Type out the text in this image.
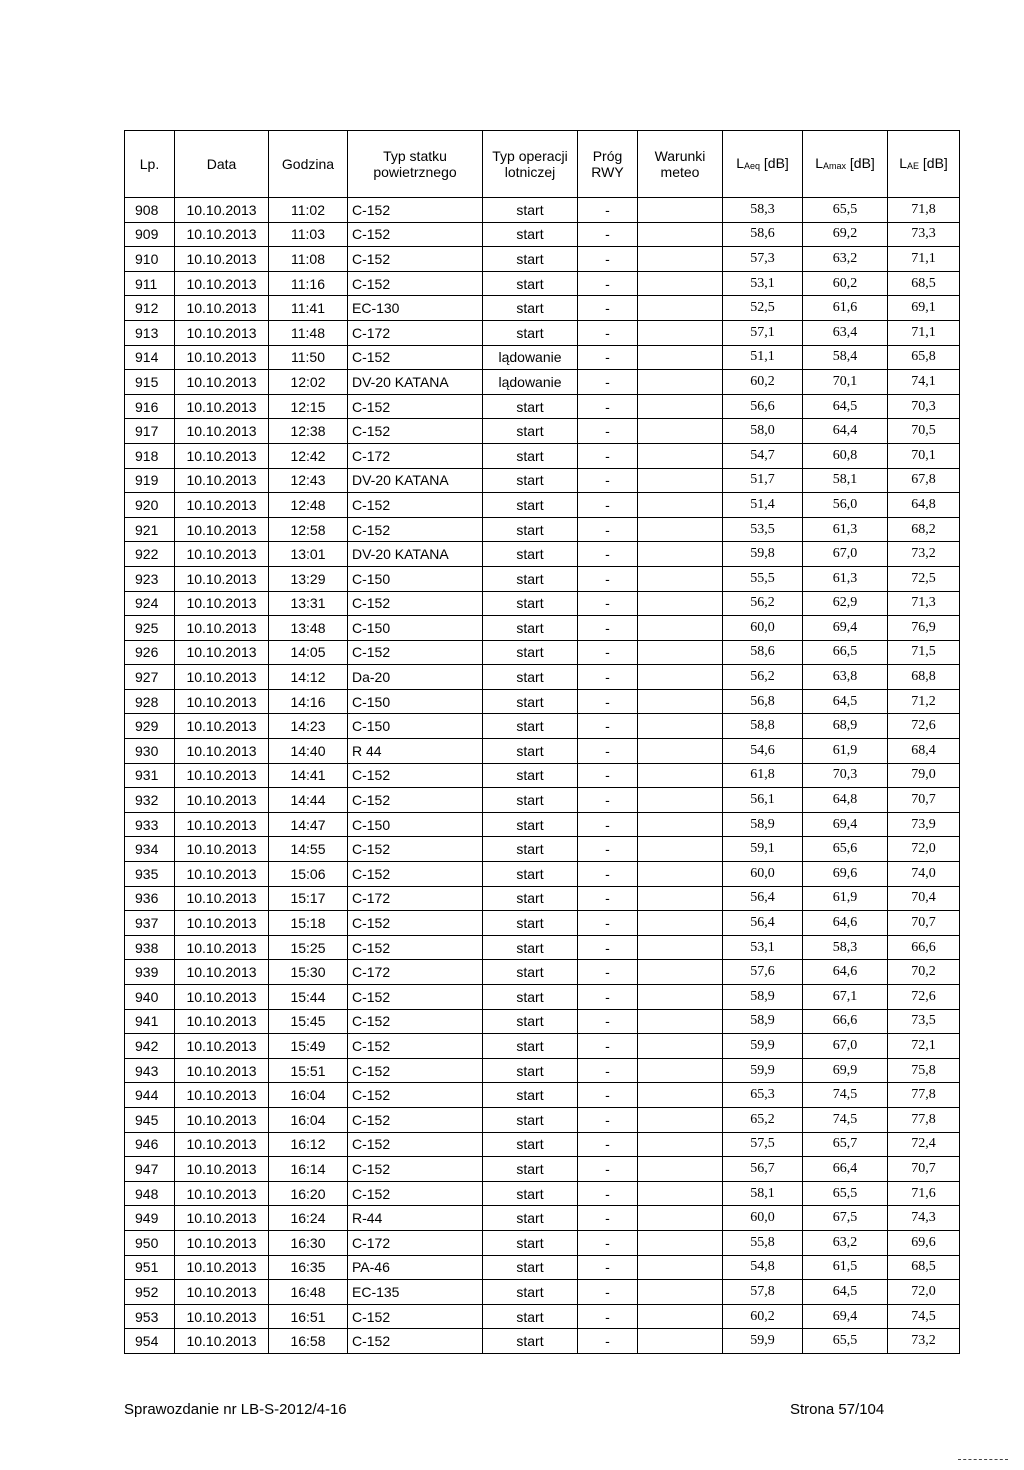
Lp.	Data	Godzina	Typ statku powietrznego	Typ operacji lotniczej	Próg RWY	Warunki meteo	LAeq [dB]	LAmax [dB]	LAE [dB]
908	10.10.2013	11:02	C-152	start	-		58,3	65,5	71,8
909	10.10.2013	11:03	C-152	start	-		58,6	69,2	73,3
910	10.10.2013	11:08	C-152	start	-		57,3	63,2	71,1
911	10.10.2013	11:16	C-152	start	-		53,1	60,2	68,5
912	10.10.2013	11:41	EC-130	start	-		52,5	61,6	69,1
913	10.10.2013	11:48	C-172	start	-		57,1	63,4	71,1
914	10.10.2013	11:50	C-152	lądowanie	-		51,1	58,4	65,8
915	10.10.2013	12:02	DV-20 KATANA	lądowanie	-		60,2	70,1	74,1
916	10.10.2013	12:15	C-152	start	-		56,6	64,5	70,3
917	10.10.2013	12:38	C-152	start	-		58,0	64,4	70,5
918	10.10.2013	12:42	C-172	start	-		54,7	60,8	70,1
919	10.10.2013	12:43	DV-20 KATANA	start	-		51,7	58,1	67,8
920	10.10.2013	12:48	C-152	start	-		51,4	56,0	64,8
921	10.10.2013	12:58	C-152	start	-		53,5	61,3	68,2
922	10.10.2013	13:01	DV-20 KATANA	start	-		59,8	67,0	73,2
923	10.10.2013	13:29	C-150	start	-		55,5	61,3	72,5
924	10.10.2013	13:31	C-152	start	-		56,2	62,9	71,3
925	10.10.2013	13:48	C-150	start	-		60,0	69,4	76,9
926	10.10.2013	14:05	C-152	start	-		58,6	66,5	71,5
927	10.10.2013	14:12	Da-20	start	-		56,2	63,8	68,8
928	10.10.2013	14:16	C-150	start	-		56,8	64,5	71,2
929	10.10.2013	14:23	C-150	start	-		58,8	68,9	72,6
930	10.10.2013	14:40	R 44	start	-		54,6	61,9	68,4
931	10.10.2013	14:41	C-152	start	-		61,8	70,3	79,0
932	10.10.2013	14:44	C-152	start	-		56,1	64,8	70,7
933	10.10.2013	14:47	C-150	start	-		58,9	69,4	73,9
934	10.10.2013	14:55	C-152	start	-		59,1	65,6	72,0
935	10.10.2013	15:06	C-152	start	-		60,0	69,6	74,0
936	10.10.2013	15:17	C-172	start	-		56,4	61,9	70,4
937	10.10.2013	15:18	C-152	start	-		56,4	64,6	70,7
938	10.10.2013	15:25	C-152	start	-		53,1	58,3	66,6
939	10.10.2013	15:30	C-172	start	-		57,6	64,6	70,2
940	10.10.2013	15:44	C-152	start	-		58,9	67,1	72,6
941	10.10.2013	15:45	C-152	start	-		58,9	66,6	73,5
942	10.10.2013	15:49	C-152	start	-		59,9	67,0	72,1
943	10.10.2013	15:51	C-152	start	-		59,9	69,9	75,8
944	10.10.2013	16:04	C-152	start	-		65,3	74,5	77,8
945	10.10.2013	16:04	C-152	start	-		65,2	74,5	77,8
946	10.10.2013	16:12	C-152	start	-		57,5	65,7	72,4
947	10.10.2013	16:14	C-152	start	-		56,7	66,4	70,7
948	10.10.2013	16:20	C-152	start	-		58,1	65,5	71,6
949	10.10.2013	16:24	R-44	start	-		60,0	67,5	74,3
950	10.10.2013	16:30	C-172	start	-		55,8	63,2	69,6
951	10.10.2013	16:35	PA-46	start	-		54,8	61,5	68,5
952	10.10.2013	16:48	EC-135	start	-		57,8	64,5	72,0
953	10.10.2013	16:51	C-152	start	-		60,2	69,4	74,5
954	10.10.2013	16:58	C-152	start	-		59,9	65,5	73,2
Sprawozdanie nr LB-S-2012/4-16	Strona 57/104
